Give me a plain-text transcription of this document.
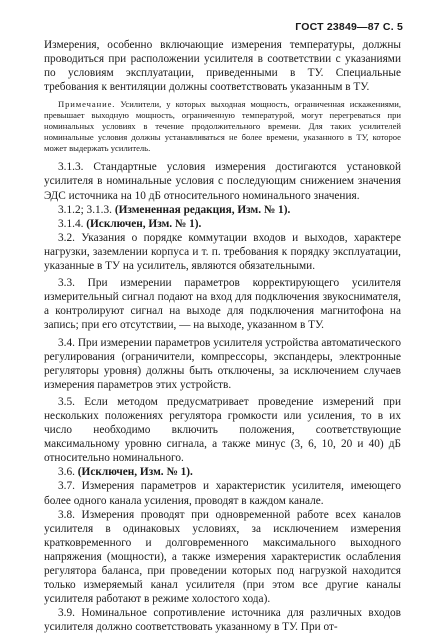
ГОСТ 23849—87 С. 5

Измерения, особенно включающие измерения температуры, должны проводиться при расположении усилителя в соответствии с указаниями по условиям эксплуатации, приведенными в ТУ. Специальные требования к вентиляции должны соответствовать указанным в ТУ.

Примечание. Усилители, у которых выходная мощность, ограниченная искажениями, превышает выходную мощность, ограниченную температурой, могут перегреваться при номинальных условиях в течение продолжительного времени. Для таких усилителей номинальные условия должны устанавливаться не более времени, указанного в ТУ, которое может выдержать усилитель.

3.1.3. Стандартные условия измерения достигаются установкой усилителя в номинальные условия с последующим снижением значения ЭДС источника на 10 дБ относительного номинального значения.

3.1.2; 3.1.3. (Измененная редакция, Изм. № 1).

3.1.4. (Исключен, Изм. № 1).

3.2. Указания о порядке коммутации входов и выходов, характере нагрузки, заземлении корпуса и т. п. требования к порядку эксплуатации, указанные в ТУ на усилитель, являются обязательными.

3.3. При измерении параметров корректирующего усилителя измерительный сигнал подают на вход для подключения звукоснимателя, а контролируют сигнал на выходе для подключения магнитофона на запись; при его отсутствии, — на выходе, указанном в ТУ.

3.4. При измерении параметров усилителя устройства автоматического регулирования (ограничители, компрессоры, экспандеры, электронные регуляторы уровня) должны быть отключены, за исключением случаев измерения параметров этих устройств.

3.5. Если методом предусматривает проведение измерений при нескольких положениях регулятора громкости или усиления, то в их число необходимо включить положения, соответствующие максимальному уровню сигнала, а также минус (3, 6, 10, 20 и 40) дБ относительно номинального.

3.6. (Исключен, Изм. № 1).

3.7. Измерения параметров и характеристик усилителя, имеющего более одного канала усиления, проводят в каждом канале.

3.8. Измерения проводят при одновременной работе всех каналов усилителя в одинаковых условиях, за исключением измерения кратковременного и долговременного максимального выходного напряжения (мощности), а также измерения характеристик ослабления регулятора баланса, при проведении которых под нагрузкой находится только измеряемый канал усилителя (при этом все другие каналы усилителя работают в режиме холостого хода).

3.9. Номинальное сопротивление источника для различных входов усилителя должно соответствовать указанному в ТУ. При от-
